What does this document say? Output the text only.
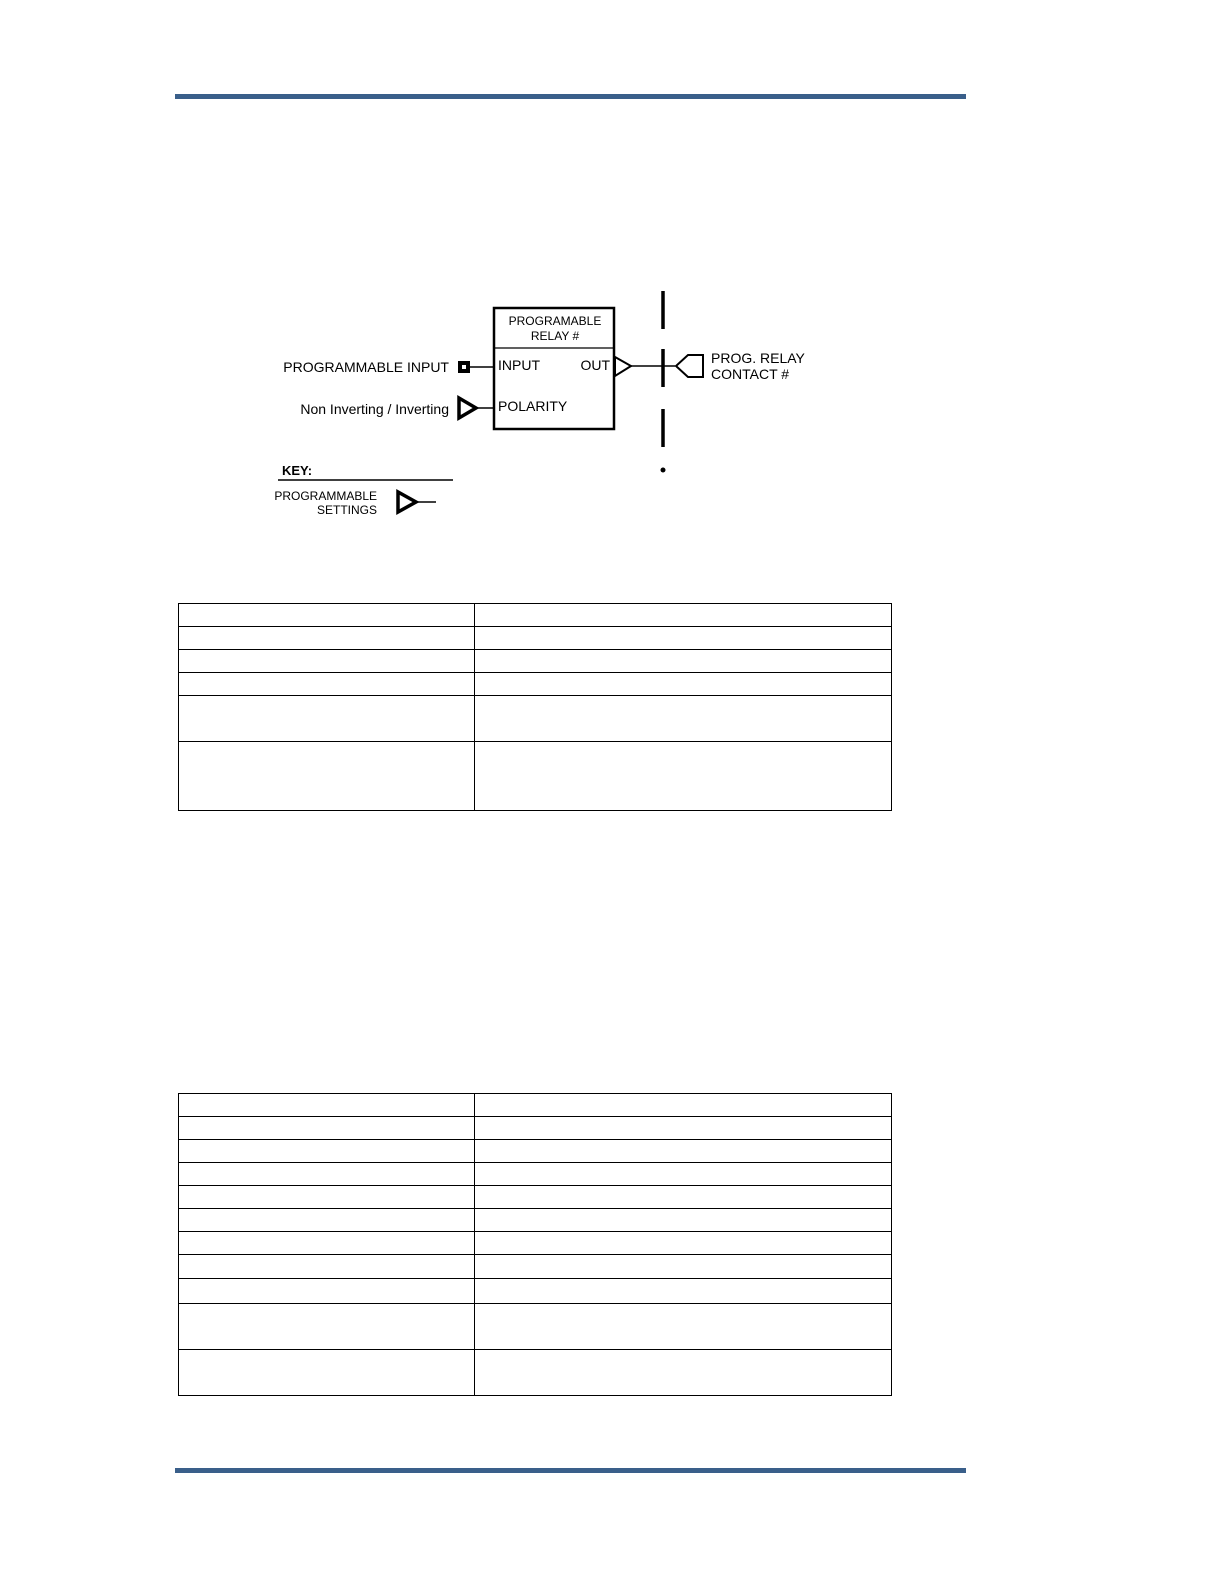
PROGRAMABLE
RELAY #
INPUT	OUT
POLARITY
PROGRAMMABLE INPUT
Non Inverting / Inverting
PROG. RELAY
CONTACT #
KEY:
PROGRAMMABLE
SETTINGS
